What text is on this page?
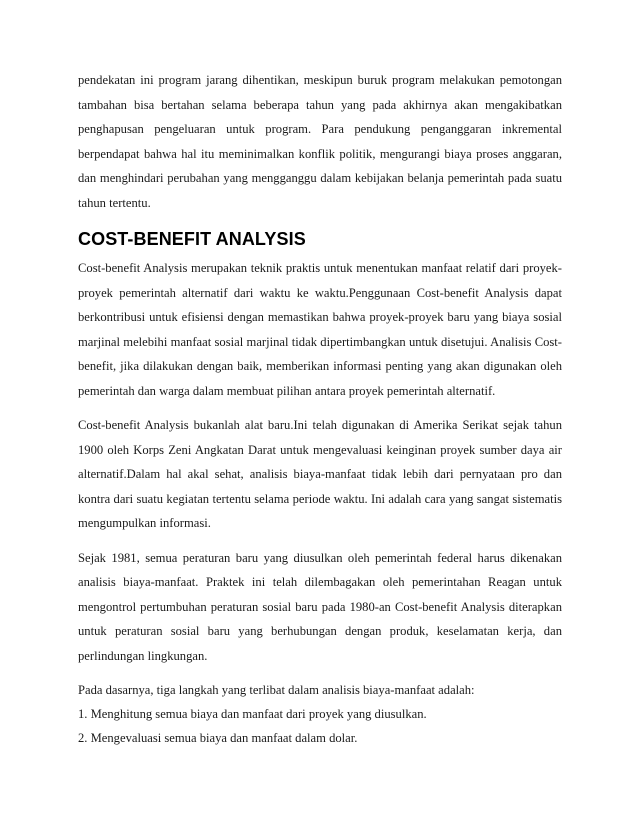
pendekatan ini program jarang dihentikan, meskipun buruk program melakukan pemotongan tambahan bisa bertahan selama beberapa tahun yang pada akhirnya akan mengakibatkan penghapusan pengeluaran untuk program. Para pendukung penganggaran inkremental berpendapat bahwa hal itu meminimalkan konflik politik, mengurangi biaya proses anggaran, dan menghindari perubahan yang mengganggu dalam kebijakan belanja pemerintah pada suatu tahun tertentu.

COST-BENEFIT ANALYSIS

Cost-benefit Analysis merupakan teknik praktis untuk menentukan manfaat relatif dari proyek-proyek pemerintah alternatif dari waktu ke waktu.Penggunaan Cost-benefit Analysis dapat berkontribusi untuk efisiensi dengan memastikan bahwa proyek-proyek baru yang biaya sosial marjinal melebihi manfaat sosial marjinal tidak dipertimbangkan untuk disetujui. Analisis Cost-benefit, jika dilakukan dengan baik, memberikan informasi penting yang akan digunakan oleh pemerintah dan warga dalam membuat pilihan antara proyek pemerintah alternatif.

Cost-benefit Analysis bukanlah alat baru.Ini telah digunakan di Amerika Serikat sejak tahun 1900 oleh Korps Zeni Angkatan Darat untuk mengevaluasi keinginan proyek sumber daya air alternatif.Dalam hal akal sehat, analisis biaya-manfaat tidak lebih dari pernyataan pro dan kontra dari suatu kegiatan tertentu selama periode waktu. Ini adalah cara yang sangat sistematis mengumpulkan informasi.

Sejak 1981, semua peraturan baru yang diusulkan oleh pemerintah federal harus dikenakan analisis biaya-manfaat. Praktek ini telah dilembagakan oleh pemerintahan Reagan untuk mengontrol pertumbuhan peraturan sosial baru pada 1980-an Cost-benefit Analysis diterapkan untuk peraturan sosial baru yang berhubungan dengan produk, keselamatan kerja, dan perlindungan lingkungan.

Pada dasarnya, tiga langkah yang terlibat dalam analisis biaya-manfaat adalah:

1. Menghitung semua biaya dan manfaat dari proyek yang diusulkan.

2. Mengevaluasi semua biaya dan manfaat dalam dolar.
